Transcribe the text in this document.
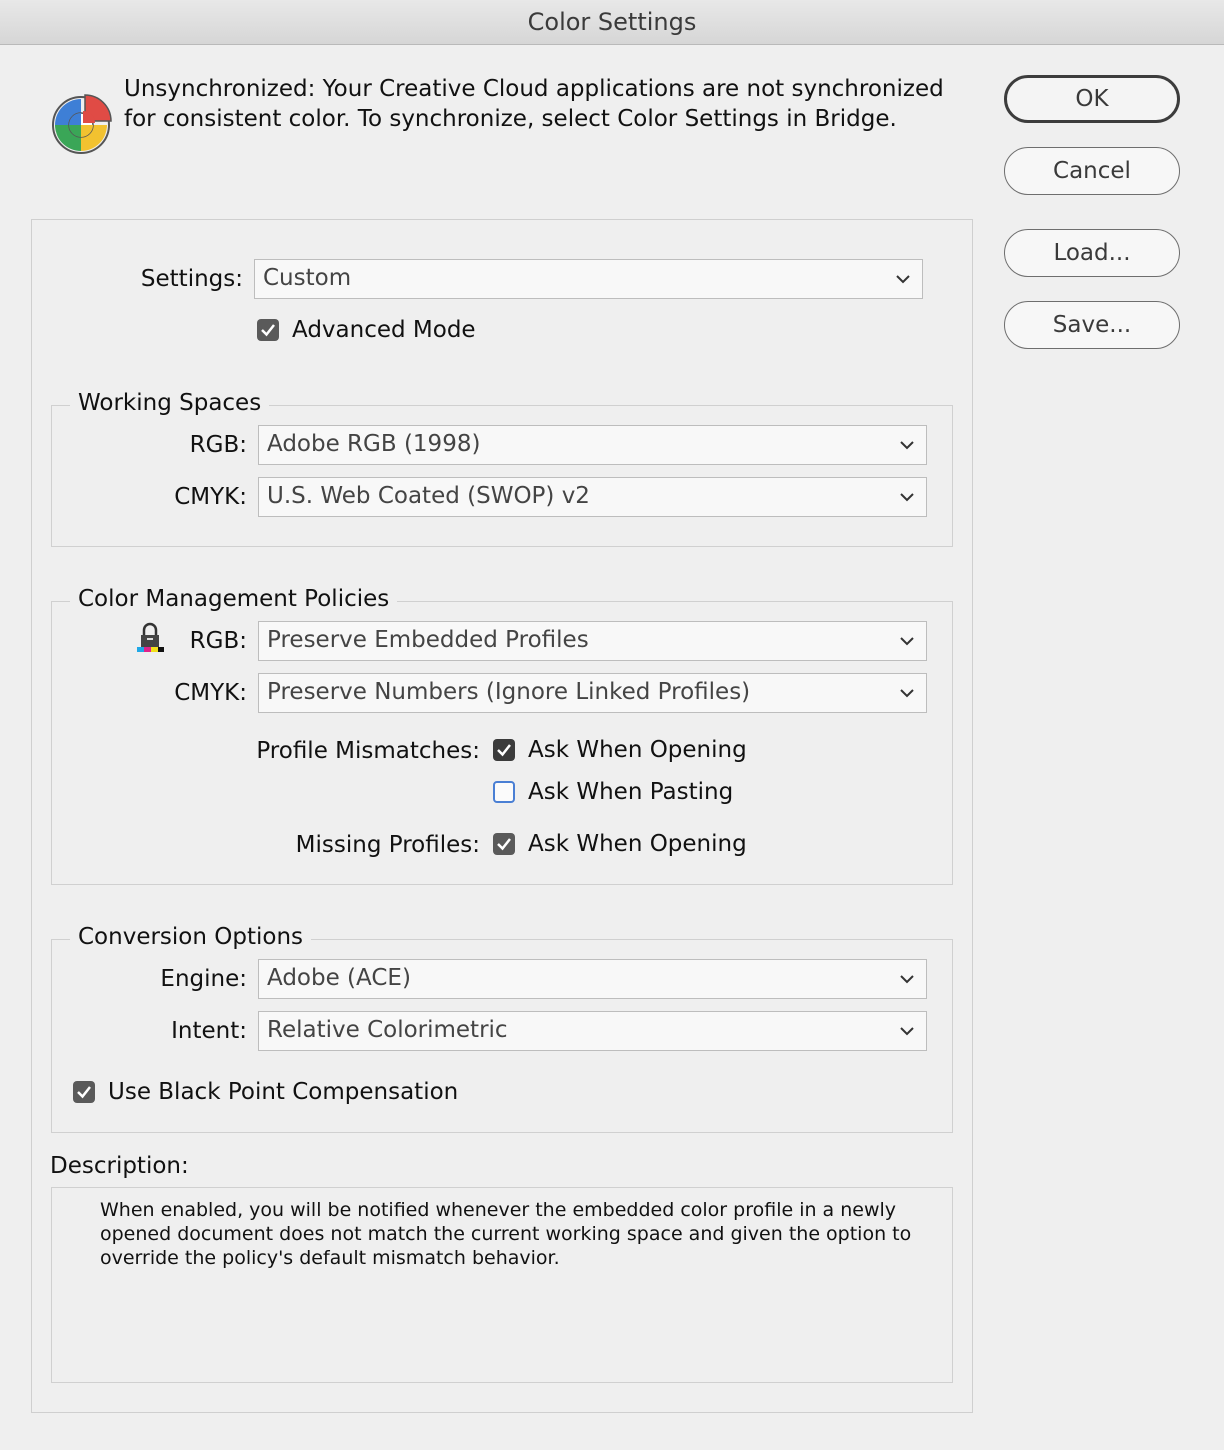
Color Settings
Unsynchronized: Your Creative Cloud applications are not synchronized for consistent color. To synchronize, select Color Settings in Bridge.
OK
Cancel
Load...
Save...
Settings: Custom
Advanced Mode
Working Spaces
RGB: Adobe RGB (1998)
CMYK: U.S. Web Coated (SWOP) v2
Color Management Policies
RGB: Preserve Embedded Profiles
CMYK: Preserve Numbers (Ignore Linked Profiles)
Profile Mismatches: Ask When Opening
Ask When Pasting
Missing Profiles: Ask When Opening
Conversion Options
Engine: Adobe (ACE)
Intent: Relative Colorimetric
Use Black Point Compensation
Description:
When enabled, you will be notified whenever the embedded color profile in a newly opened document does not match the current working space and given the option to override the policy's default mismatch behavior.
